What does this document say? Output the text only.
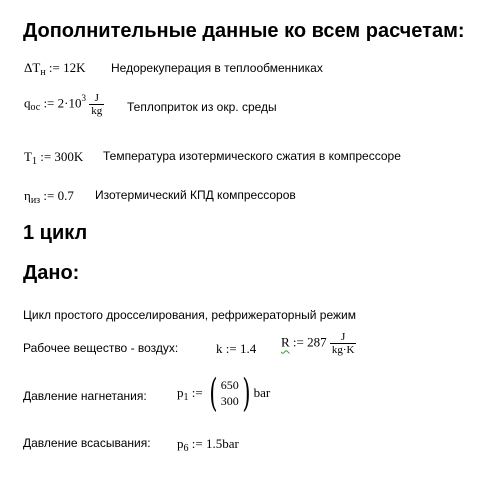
Дополнительные данные ко всем расчетам:
$\Delta T_н$ := 12K Недорекуперация в теплообменниках
$q_{ос}$ := $2\cdot 10^3 \frac{J}{kg}$ Теплоприток из окр. среды
$T_1$ := 300K Температура изотермического сжатия в компрессоре
$\eta_{из}$ := 0.7 Изотермический КПД компрессоров
1 цикл
Дано:
Цикл простого дросселирования, рефрижераторный режим
Рабочее вещество - воздух:	k := 1.4 R := $287 \frac{J}{kg\cdot K}$
Давление нагнетания: $p_1$ := ( 650
300 ) bar
Давление всасывания: $p_6$ := 1.5bar
